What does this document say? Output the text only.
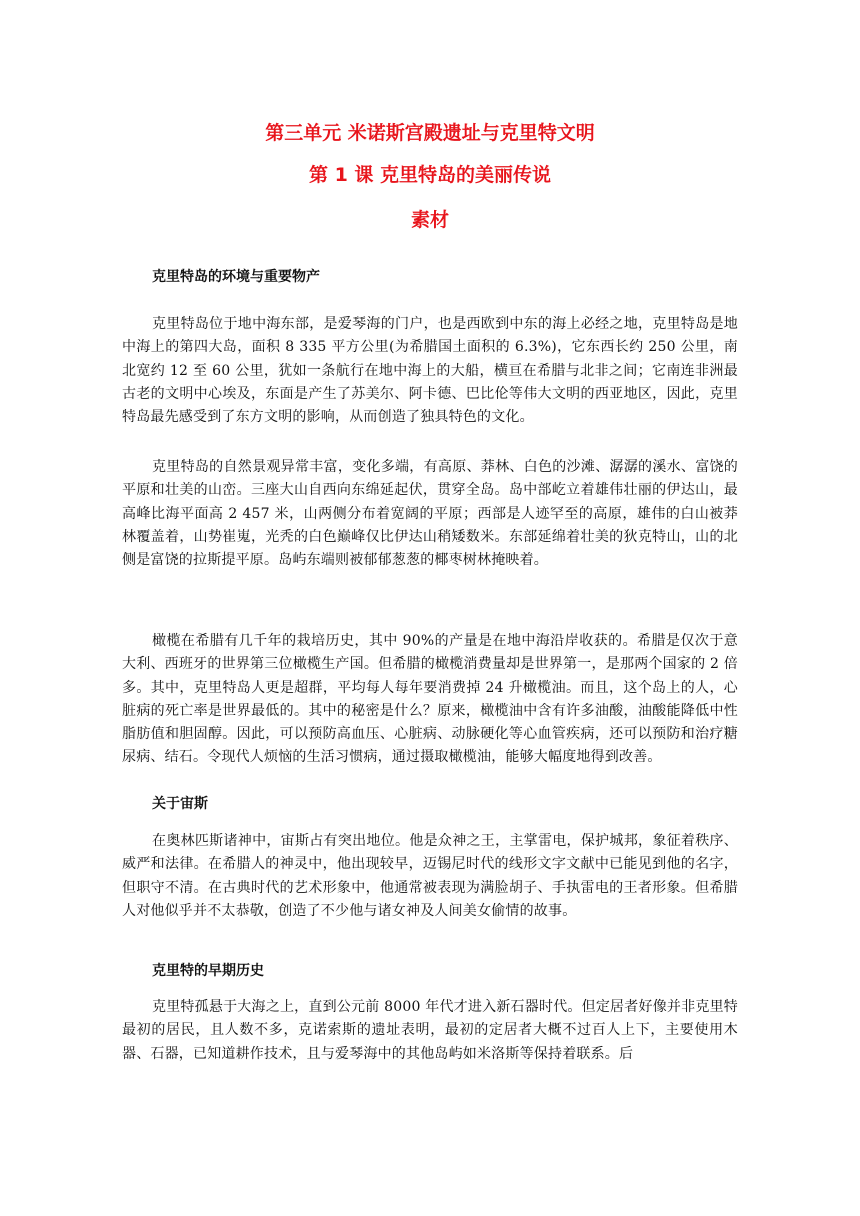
第三单元 米诺斯宫殿遗址与克里特文明
第 1 课 克里特岛的美丽传说
素材
克里特岛的环境与重要物产

克里特岛位于地中海东部，是爱琴海的门户，也是西欧到中东的海上必经之地，克里特岛是地中海上的第四大岛，面积 8 335 平方公里(为希腊国土面积的 6.3%)，它东西长约 250 公里，南北宽约 12 至 60 公里，犹如一条航行在地中海上的大船，横亘在希腊与北非之间；它南连非洲最古老的文明中心埃及，东面是产生了苏美尔、阿卡德、巴比伦等伟大文明的西亚地区，因此，克里特岛最先感受到了东方文明的影响，从而创造了独具特色的文化。

克里特岛的自然景观异常丰富，变化多端，有高原、莽林、白色的沙滩、潺潺的溪水、富饶的平原和壮美的山峦。三座大山自西向东绵延起伏，贯穿全岛。岛中部屹立着雄伟壮丽的伊达山，最高峰比海平面高 2 457 米，山两侧分布着宽阔的平原；西部是人迹罕至的高原，雄伟的白山被莽林覆盖着，山势崔嵬，光秃的白色巅峰仅比伊达山稍矮数米。东部延绵着壮美的狄克特山，山的北侧是富饶的拉斯提平原。岛屿东端则被郁郁葱葱的椰枣树林掩映着。

橄榄在希腊有几千年的栽培历史，其中 90%的产量是在地中海沿岸收获的。希腊是仅次于意大利、西班牙的世界第三位橄榄生产国。但希腊的橄榄消费量却是世界第一，是那两个国家的 2 倍多。其中，克里特岛人更是超群，平均每人每年要消费掉 24 升橄榄油。而且，这个岛上的人，心脏病的死亡率是世界最低的。其中的秘密是什么？原来，橄榄油中含有许多油酸，油酸能降低中性脂肪值和胆固醇。因此，可以预防高血压、心脏病、动脉硬化等心血管疾病，还可以预防和治疗糖尿病、结石。令现代人烦恼的生活习惯病，通过摄取橄榄油，能够大幅度地得到改善。

关于宙斯

在奥林匹斯诸神中，宙斯占有突出地位。他是众神之王，主掌雷电，保护城邦，象征着秩序、威严和法律。在希腊人的神灵中，他出现较早，迈锡尼时代的线形文字文献中已能见到他的名字，但职守不清。在古典时代的艺术形象中，他通常被表现为满脸胡子、手执雷电的王者形象。但希腊人对他似乎并不太恭敬，创造了不少他与诸女神及人间美女偷情的故事。

克里特的早期历史

克里特孤悬于大海之上，直到公元前 8000 年代才进入新石器时代。但定居者好像并非克里特最初的居民，且人数不多，克诺索斯的遗址表明，最初的定居者大概不过百人上下，主要使用木器、石器，已知道耕作技术，且与爱琴海中的其他岛屿如米洛斯等保持着联系。后
